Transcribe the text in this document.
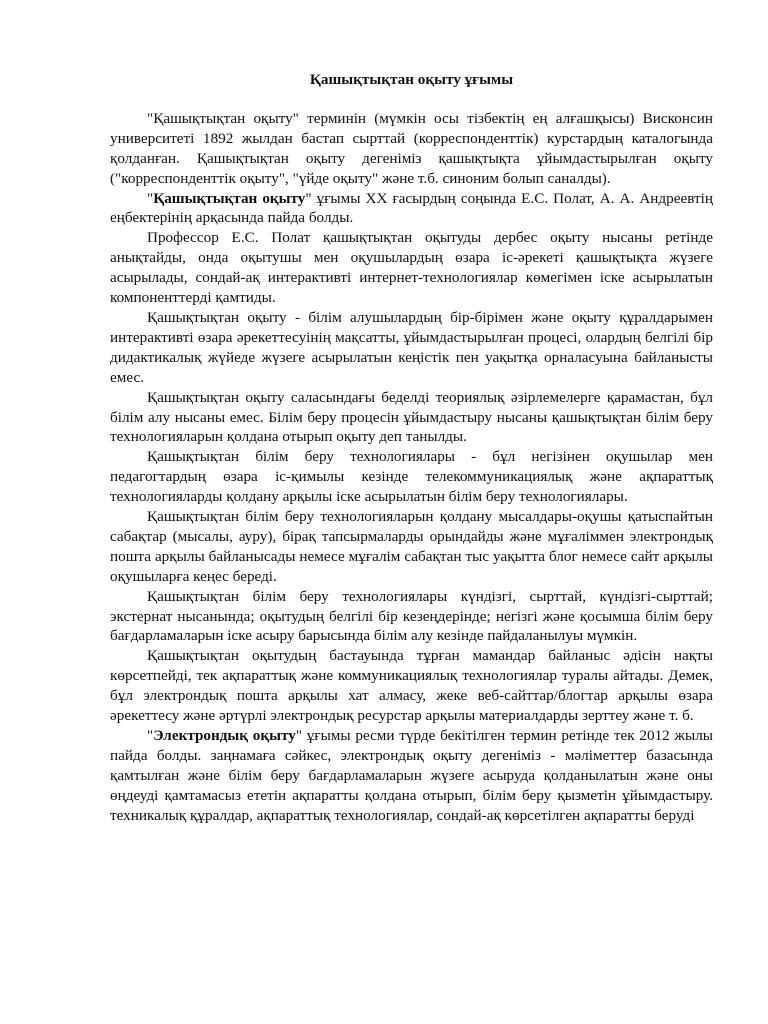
Қашықтықтан оқыту ұғымы

"Қашықтықтан оқыту" терминін (мүмкін осы тізбектің ең алғашқысы) Висконсин университеті 1892 жылдан бастап сырттай (корреспонденттік) курстардың каталогында қолданған. Қашықтықтан оқыту дегеніміз қашықтықта ұйымдастырылған оқыту ("корреспонденттік оқыту", "үйде оқыту" және т.б. синоним болып саналды).

"Қашықтықтан оқыту" ұғымы XX ғасырдың соңында Е.С. Полат, А. А. Андреевтің еңбектерінің арқасында пайда болды.

Профессор Е.С. Полат қашықтықтан оқытуды дербес оқыту нысаны ретінде анықтайды, онда оқытушы мен оқушылардың өзара іс-әрекеті қашықтықта жүзеге асырылады, сондай-ақ интерактивті интернет-технологиялар көмегімен іске асырылатын компоненттерді қамтиды.

Қашықтықтан оқыту - білім алушылардың бір-бірімен және оқыту құралдарымен интерактивті өзара әрекеттесуінің мақсатты, ұйымдастырылған процесі, олардың белгілі бір дидактикалық жүйеде жүзеге асырылатын кеңістік пен уақытқа орналасуына байланысты емес.

Қашықтықтан оқыту саласындағы беделді теориялық әзірлемелерге қарамастан, бұл білім алу нысаны емес. Білім беру процесін ұйымдастыру нысаны қашықтықтан білім беру технологияларын қолдана отырып оқыту деп танылды.

Қашықтықтан білім беру технологиялары - бұл негізінен оқушылар мен педагогтардың өзара іс-қимылы кезінде телекоммуникациялық және ақпараттық технологияларды қолдану арқылы іске асырылатын білім беру технологиялары.

Қашықтықтан білім беру технологияларын қолдану мысалдары-оқушы қатыспайтын сабақтар (мысалы, ауру), бірақ тапсырмаларды орындайды және мұғаліммен электрондық пошта арқылы байланысады немесе мұғалім сабақтан тыс уақытта блог немесе сайт арқылы оқушыларға кеңес береді.

Қашықтықтан білім беру технологиялары күндізгі, сырттай, күндізгі-сырттай; экстернат нысанында; оқытудың белгілі бір кезеңдерінде; негізгі және қосымша білім беру бағдарламаларын іске асыру барысында білім алу кезінде пайдаланылуы мүмкін.

Қашықтықтан оқытудың бастауында тұрған мамандар байланыс әдісін нақты көрсетпейді, тек ақпараттық және коммуникациялық технологиялар туралы айтады. Демек, бұл электрондық пошта арқылы хат алмасу, жеке веб-сайттар/блогтар арқылы өзара әрекеттесу және әртүрлі электрондық ресурстар арқылы материалдарды зерттеу және т. б.

"Электрондық оқыту" ұғымы ресми түрде бекітілген термин ретінде тек 2012 жылы пайда болды. заңнамаға сәйкес, электрондық оқыту дегеніміз - мәліметтер базасында қамтылған және білім беру бағдарламаларын жүзеге асыруда қолданылатын және оны өңдеуді қамтамасыз ететін ақпаратты қолдана отырып, білім беру қызметін ұйымдастыру. техникалық құралдар, ақпараттық технологиялар, сондай-ақ көрсетілген ақпаратты беруді
